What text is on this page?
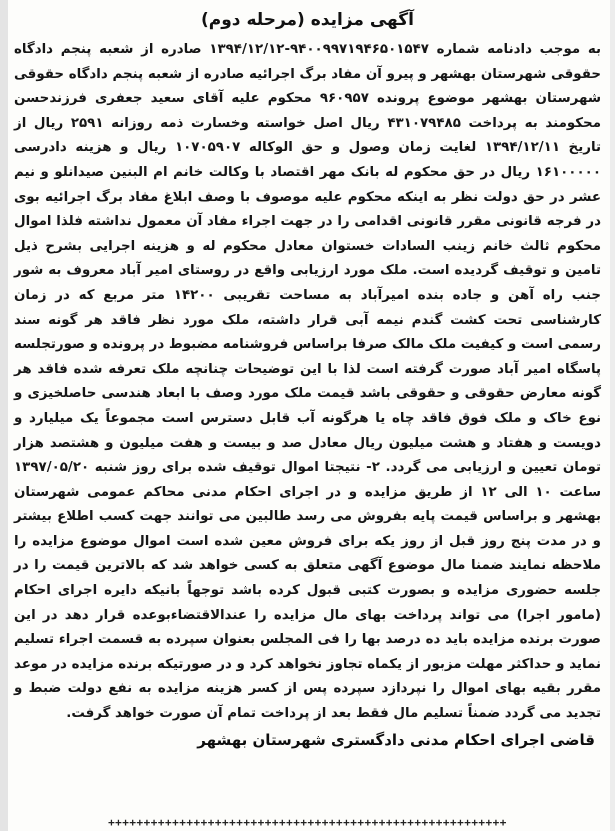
آگهی مزایده (مرحله دوم)

به موجب دادنامه شماره ۹۴۰۰۹۹۷۱۹۴۶۵۰۱۵۴۷-۱۳۹۴/۱۲/۱۲ صادره از شعبه پنجم دادگاه حقوقی شهرستان بهشهر و پیرو آن مفاد برگ اجرائیه صادره از شعبه پنجم دادگاه حقوقی شهرستان بهشهر موضوع پرونده ۹۶۰۹۵۷ محکوم علیه آقای سعید جعفری فرزندحسن محکومند به پرداخت ۴۳۱۰۷۹۴۸۵ ریال اصل خواسته وخسارت ذمه روزانه ۲۵۹۱ ریال از تاریخ ۱۳۹۴/۱۲/۱۱ لغایت زمان وصول و حق الوکاله ۱۰۷۰۵۹۰۷ ریال و هزینه دادرسی ۱۶۱۰۰۰۰۰ ریال در حق محکوم له بانک مهر اقتصاد با وکالت خانم ام البنین صیدانلو و نیم عشر در حق دولت نظر به اینکه محکوم علیه موصوف با وصف ابلاغ مفاد برگ اجرائیه بوی در فرجه قانونی مقرر قانونی اقدامی را در جهت اجراء مفاد آن معمول نداشته فلذا اموال محکوم ثالث خانم زینب السادات خستوان معادل محکوم له و هزینه اجرایی بشرح ذیل تامین و توقیف گردیده است. ملک مورد ارزیابی واقع در روستای امیر آباد معروف به شور جنب راه آهن و جاده بنده امیرآباد به مساحت تقریبی ۱۴۲۰۰ متر مربع که در زمان کارشناسی تحت کشت گندم نیمه آبی قرار داشته، ملک مورد نظر فاقد هر گونه سند رسمی است و کیفیت ملک مالک صرفا براساس فروشنامه مضبوط در پرونده و صورتجلسه پاسگاه امیر آباد صورت گرفته است لذا با این توضیحات چنانچه ملک تعرفه شده فاقد هر گونه معارض حقوقی و حقوقی باشد قیمت ملک مورد وصف با ابعاد هندسی حاصلخیزی و نوع خاک و ملک فوق فاقد چاه یا هرگونه آب قابل دسترس است مجموعاً یک میلیارد و دویست و هفتاد و هشت میلیون ریال معادل صد و بیست و هفت میلیون و هشتصد هزار تومان تعیین و ارزیابی می گردد. ۲- نتیجتا اموال توقیف شده برای روز شنبه ۱۳۹۷/۰۵/۲۰ ساعت ۱۰ الی ۱۲ از طریق مزایده و در اجرای احکام مدنی محاکم عمومی شهرستان بهشهر و براساس قیمت پایه بفروش می رسد طالبین می توانند جهت کسب اطلاع بیشتر و در مدت پنج روز قبل از روز یکه برای فروش معین شده است اموال موضوع مزایده را ملاحظه نمایند ضمنا مال موضوع آگهی متعلق به کسی خواهد شد که بالاترین قیمت را در جلسه حضوری مزایده و بصورت کتبی قبول کرده باشد توجهاً بانیکه دایره اجرای احکام (مامور اجرا) می تواند پرداخت بهای مال مزایده را عندالاقتضاءبوعده قرار دهد در این صورت برنده مزایده باید ده درصد بها را فی المجلس بعنوان سپرده به قسمت اجراء تسلیم نماید و حداکثر مهلت مزبور از یکماه تجاوز نخواهد کرد و در صورتیکه برنده مزایده در موعد مقرر بقیه بهای اموال را نپردازد سپرده پس از کسر هزینه مزایده به نفع دولت ضبط و تجدید می گردد ضمناً تسلیم مال فقط بعد از پرداخت تمام آن صورت خواهد گرفت.

قاضی اجرای احکام مدنی دادگستری شهرستان بهشهر
++++++++++++++++++++++++++++++++++++++++++++++++++++++++
